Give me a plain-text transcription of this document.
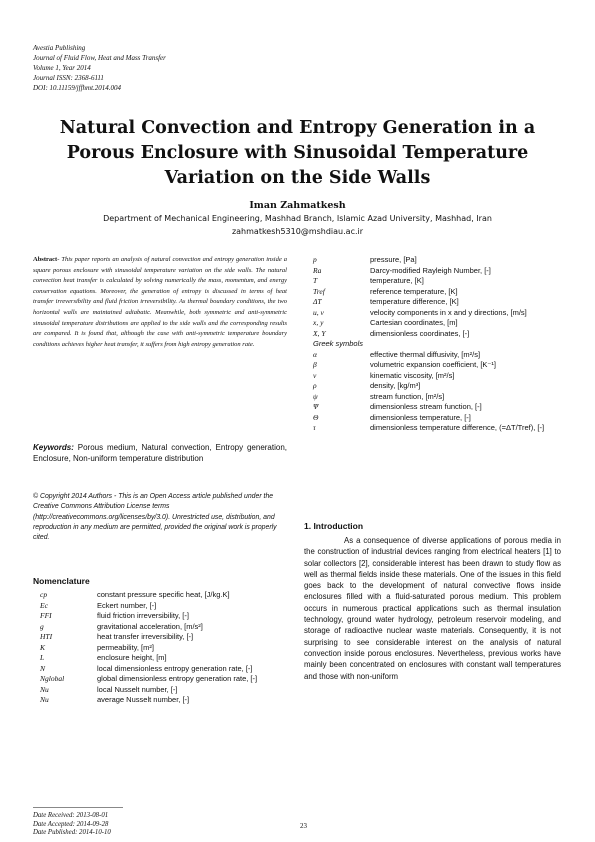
Avestia Publishing
Journal of Fluid Flow, Heat and Mass Transfer
Volume 1, Year 2014
Journal ISSN: 2368-6111
DOI: 10.11159/jffhmt.2014.004
Natural Convection and Entropy Generation in a
Porous Enclosure with Sinusoidal Temperature
Variation on the Side Walls
Iman Zahmatkesh
Department of Mechanical Engineering, Mashhad Branch, Islamic Azad University, Mashhad, Iran
zahmatkesh5310@mshdiau.ac.ir
Abstract- This paper reports an analysis of natural convection and entropy generation inside a square porous enclosure with sinusoidal temperature variation on the side walls. The natural convection heat transfer is calculated by solving numerically the mass, momentum, and energy conservation equations. Moreover, the generation of entropy is discussed in terms of heat transfer irreversibility and fluid friction irreversibility. As thermal boundary conditions, the two horizontal walls are maintained adiabatic. Meanwhile, both symmetric and anti-symmetric sinusoidal temperature distributions are applied to the side walls and the corresponding results are compared. It is found that, although the case with anti-symmetric temperature boundary conditions achieves higher heat transfer, it suffers from high entropy generation rate.
Keywords: Porous medium, Natural convection, Entropy generation, Enclosure, Non-uniform temperature distribution
© Copyright 2014 Authors - This is an Open Access article published under the Creative Commons Attribution License terms (http://creativecommons.org/licenses/by/3.0). Unrestricted use, distribution, and reproduction in any medium are permitted, provided the original work is properly cited.
Nomenclature
cp	constant pressure specific heat, [J/kg.K]
Ec	Eckert number, [-]
FFI	fluid friction irreversibility, [-]
g	gravitational acceleration, [m/s²]
HTI	heat transfer irreversibility, [-]
K	permeability, [m²]
L	enclosure height, [m]
N	local dimensionless entropy generation rate, [-]
Nglobal	global dimensionless entropy generation rate, [-]
Nu	local Nusselt number, [-]
Nu	average Nusselt number, [-]
p	pressure, [Pa]
Ra	Darcy-modified Rayleigh Number, [-]
T	temperature, [K]
Tref	reference temperature, [K]
ΔT	temperature difference, [K]
u, v	velocity components in x and y directions, [m/s]
x, y	Cartesian coordinates, [m]
X, Y	dimensionless coordinates, [-]
Greek symbols
α	effective thermal diffusivity, [m²/s]
β	volumetric expansion coefficient, [K⁻¹]
ν	kinematic viscosity, [m²/s]
ρ	density, [kg/m³]
ψ	stream function, [m²/s]
Ψ	dimensionless stream function, [-]
Θ	dimensionless temperature, [-]
τ	dimensionless temperature difference, (=ΔT/Tref), [-]
1. Introduction
As a consequence of diverse applications of porous media in the construction of industrial devices ranging from electrical heaters [1] to solar collectors [2], considerable interest has been drawn to study flow as well as thermal fields inside these materials. One of the issues in this field goes back to the development of natural convective flows inside enclosures filled with a fluid-saturated porous medium. This problem occurs in numerous practical applications such as thermal insulation technology, ground water hydrology, petroleum reservoir modeling, and storage of radioactive nuclear waste materials. Consequently, it is not surprising to see considerable interest on the analysis of natural convection inside porous enclosures. Nevertheless, previous works have mainly been concentrated on enclosures with constant wall temperatures and those with non-uniform
Date Received: 2013-08-01
Date Accepted: 2014-09-28
Date Published: 2014-10-10
23
